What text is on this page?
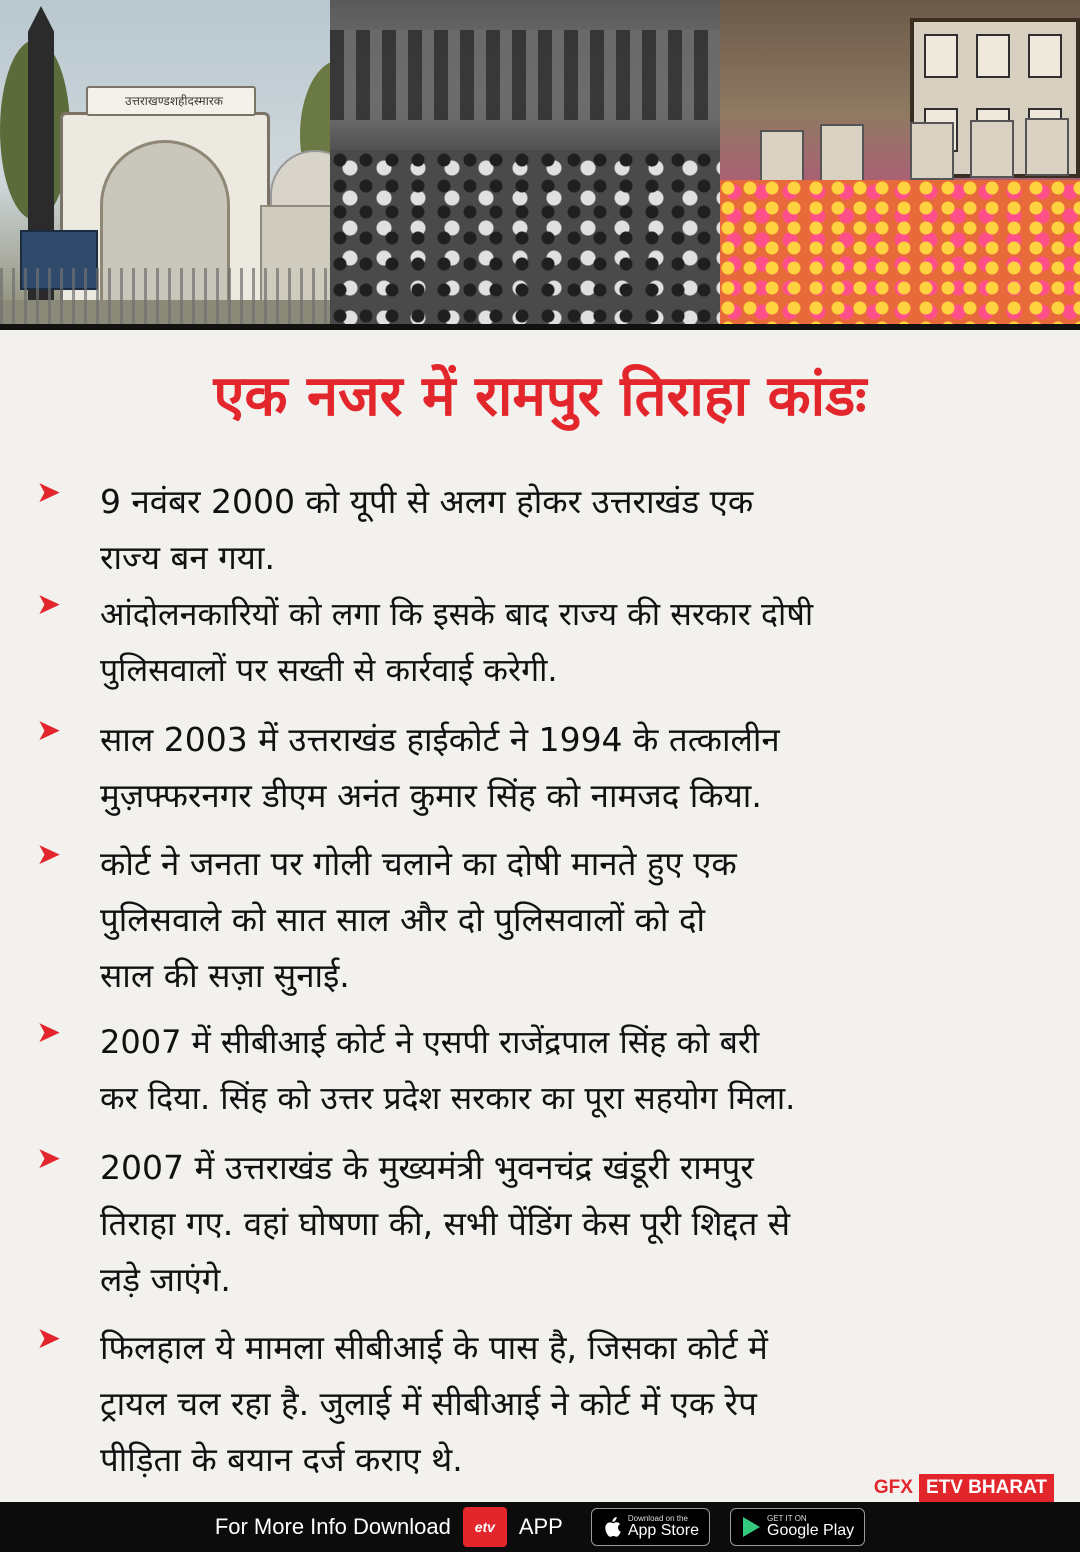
उत्तराखण्डशहीदस्मारक
एक नजर में रामपुर तिराहा कांडः
➤ 9 नवंबर 2000 को यूपी से अलग होकर उत्तराखंड एक
राज्य बन गया.
➤ आंदोलनकारियों को लगा कि इसके बाद राज्य की सरकार दोषी
पुलिसवालों पर सख्ती से कार्रवाई करेगी.
➤ साल 2003 में उत्तराखंड हाईकोर्ट ने 1994 के तत्कालीन
मुज़फ्फरनगर डीएम अनंत कुमार सिंह को नामजद किया.
➤ कोर्ट ने जनता पर गोली चलाने का दोषी मानते हुए एक
पुलिसवाले को सात साल और दो पुलिसवालों को दो
साल की सज़ा सुनाई.
➤ 2007 में सीबीआई कोर्ट ने एसपी राजेंद्रपाल सिंह को बरी
कर दिया. सिंह को उत्तर प्रदेश सरकार का पूरा सहयोग मिला.
➤ 2007 में उत्तराखंड के मुख्यमंत्री भुवनचंद्र खंडूरी रामपुर
तिराहा गए. वहां घोषणा की, सभी पेंडिंग केस पूरी शिद्दत से
लड़े जाएंगे.
➤ फिलहाल ये मामला सीबीआई के पास है, जिसका कोर्ट में
ट्रायल चल रहा है. जुलाई में सीबीआई ने कोर्ट में एक रेप
पीड़िता के बयान दर्ज कराए थे.
GFX ETV BHARAT
For More Info Download	etv	APP	Download on the
App Store
GET IT ON
Google Play
